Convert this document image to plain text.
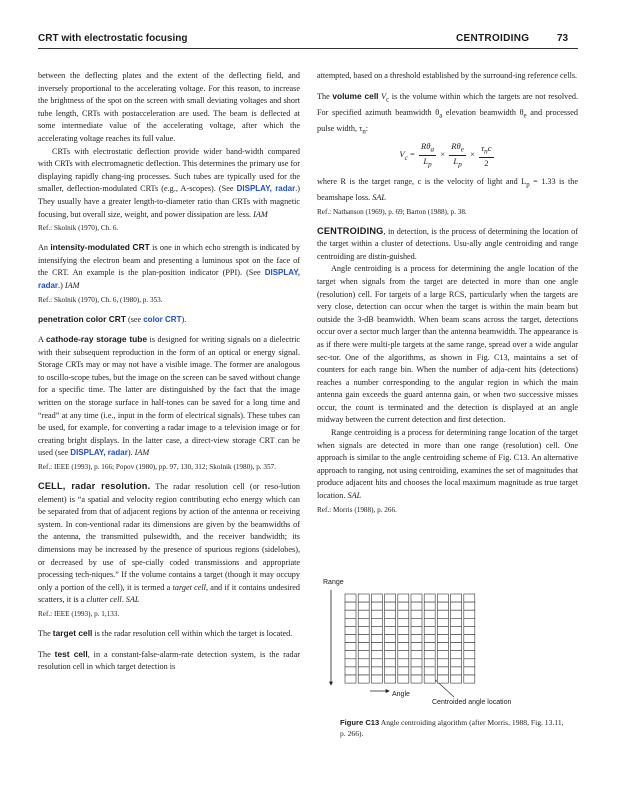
CRT with electrostatic focusing	CENTROIDING	73

between the deflecting plates and the extent of the deflecting field, and inversely proportional to the accelerating voltage. For this reason, to increase the brightness of the spot on the screen with small deviating voltages and short tube length, CRTs with postacceleration are used. The beam is deflected at some intermediate value of the accelerating voltage, after which the accelerating voltage reaches its full value.

CRTs with electrostatic deflection provide wider band-width compared with CRTs with electromagnetic deflection. This determines the primary use for displaying rapidly chang-ing processes. Such tubes are typically used for the smaller, deflection-modulated CRTs (e.g., A-scopes). (See DISPLAY, radar.) They usually have a greater length-to-diameter ratio than CRTs with magnetic focusing, but overall size, weight, and power dissipation are less. IAM

Ref.: Skolnik (1970), Ch. 6.

An intensity-modulated CRT is one in which echo strength is indicated by intensifying the electron beam and presenting a luminous spot on the face of the CRT. An example is the plan-position indicator (PPI). (See DISPLAY, radar.) IAM

Ref.: Skolnik (1970), Ch. 6, (1980), p. 353.

penetration color CRT (see color CRT).

A cathode-ray storage tube is designed for writing signals on a dielectric with their subsequent reproduction in the form of an optical or energy signal. Storage CRTs may or may not have a visible image. The former are analogous to oscillo-scope tubes, but the image on the screen can be saved without change for a specific time. The latter are distinguished by the fact that the image written on the storage surface in half-tones can be saved for a long time and “read” at any time (i.e., input in the form of electrical signals). These tubes can be used, for example, for converting a radar image to a television image or for creating bright displays. In the latter case, a direct-view storage CRT can be used (see DISPLAY, radar). IAM

Ref.: IEEE (1993), p. 166; Popov (1980), pp. 97, 130, 312; Skolnik (1980), p. 357.

CELL, radar resolution. The radar resolution cell (or reso-lution element) is “a spatial and velocity region contributing echo energy which can be separated from that of adjacent regions by action of the antenna or receiving system. In con-ventional radar its dimensions are given by the beamwidths of the antenna, the transmitted pulsewidth, and the receiver bandwidth; its dimensions may be increased by the presence of spurious regions (sidelobes), or decreased by use of spe-cially coded transmissions and appropriate processing tech-niques.” If the volume contains a target (though it may occupy only a portion of the cell), it is termed a target cell, and if it contains undesired scatters, it is a clutter cell. SAL

Ref.: IEEE (1993), p. 1,133.

The target cell is the radar resolution cell within which the target is located.

The test cell, in a constant-false-alarm-rate detection system, is the radar resolution cell in which target detection is

attempted, based on a threshold established by the surround-ing reference cells.

The volume cell $V_c$ is the volume within which the targets are not resolved. For specified azimuth beamwidth $\theta_a$ elevation beamwidth $\theta_e$ and processed pulse width, $\tau_n$:

$V_c = \frac{R\theta_a}{L_p} \times \frac{R\theta_e}{L_p} \times \frac{\tau_nc}{2}$

where R is the target range, c is the velocity of light and $L_p = 1.33$ is the beamshape loss. SAL

Ref.: Nathanson (1969), p. 69; Barton (1988), p. 38.

CENTROIDING, in detection, is the process of determining the location of the target within a cluster of detections. Usu-ally angle centroiding and range centroiding are distin-guished.

Angle centroiding is a process for determining the angle location of the target when signals from the target are detected in more than one angle (resolution) cell. For targets of a large RCS, particularly when the targets are very close, detection can occur when the target is within the main beam but outside the 3-dB beamwidth. When beam scans across the target, detections occur over a sector much larger than the antenna beamwidth. The appearance is as if there were multi-ple targets at the same range, spread over a wide angular sec-tor. One of the algorithms, as shown in Fig. C13, maintains a set of counters for each range bin. When the number of adja-cent hits (detections) reaches a number corresponding to the angular region in which the main antenna gain exceeds the guard antenna gain, or when two successive misses occur, the count is terminated and the detection is displayed at an angle midway between the current detection and first detection.

Range centroiding is a process for determining range location of the target when signals are detected in more than one range (resolution) cell. One approach is similar to the angle centroiding scheme of Fig. C13. An alternative approach to ranging, not using centroiding, examines the set of magnitudes that produce adjacent hits and chooses the local maximum magnitude as true target location. SAL

Ref.: Morris (1988), p. 266.
Range
Angle
Centroided angle location
Figure C13 Angle centroiding algorithm (after Morris, 1988, Fig. 13.11, p. 266).
